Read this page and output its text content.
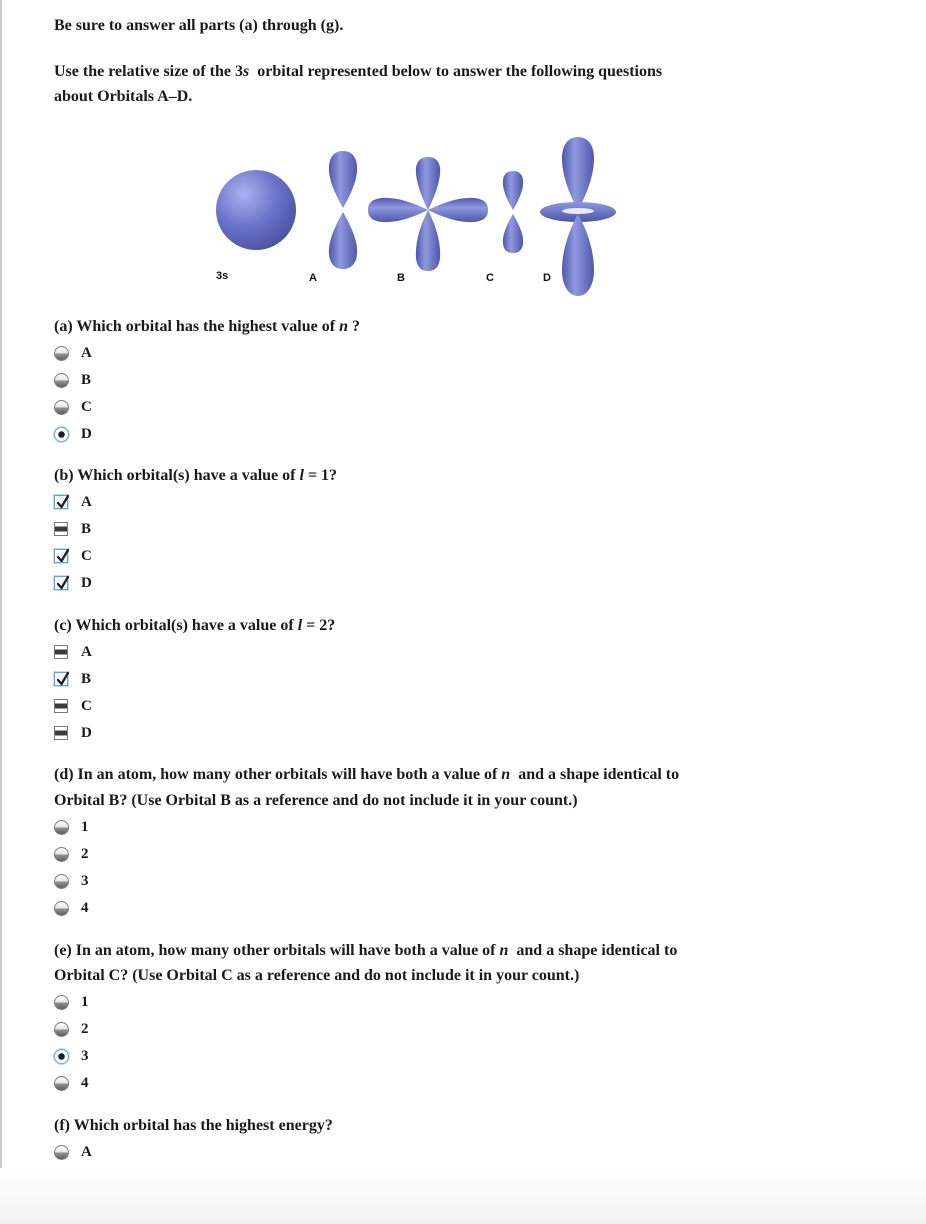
Be sure to answer all parts (a) through (g).
Use the relative size of the 3s  orbital represented below to answer the following questions
about Orbitals A–D.
3s	A	B	C	D
(a) Which orbital has the highest value of n ?
(b) Which orbital(s) have a value of l = 1?
(c) Which orbital(s) have a value of l = 2?
(d) In an atom, how many other orbitals will have both a value of n  and a shape identical to
Orbital B? (Use Orbital B as a reference and do not include it in your count.)
(e) In an atom, how many other orbitals will have both a value of n  and a shape identical to
Orbital C? (Use Orbital C as a reference and do not include it in your count.)
(f) Which orbital has the highest energy?
A
B
C
D
A
B
C
D
A
B
C
D
1
2
3
4
1
2
3
4
A
